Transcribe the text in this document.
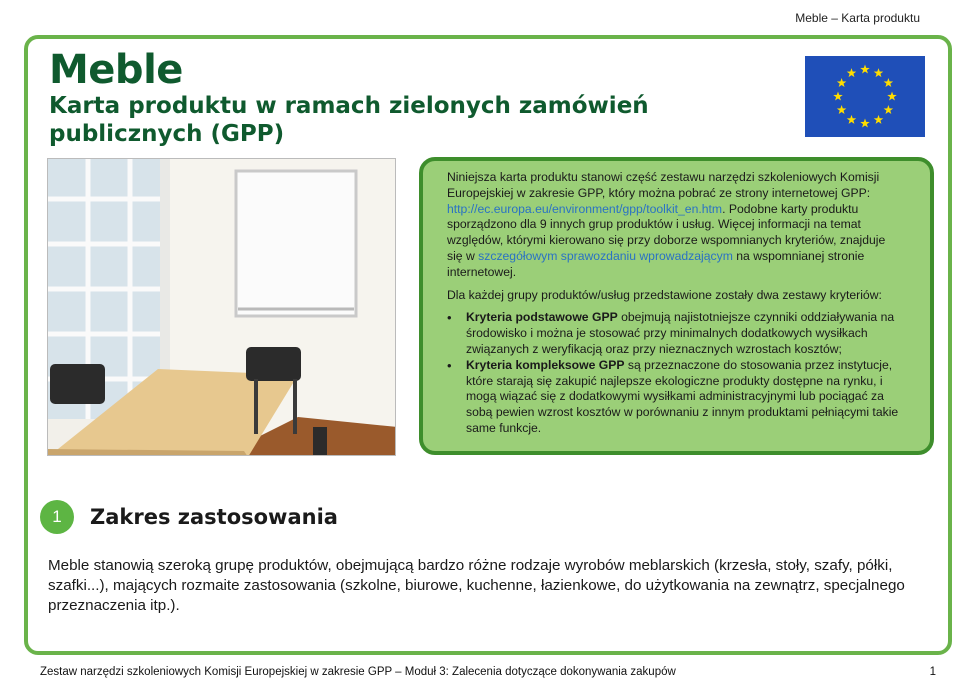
Meble – Karta produktu
Meble
Karta produktu w ramach zielonych zamówień publicznych (GPP)

Niniejsza karta produktu stanowi część zestawu narzędzi szkoleniowych Komisji Europejskiej w zakresie GPP, który można pobrać ze strony internetowej GPP: http://ec.europa.eu/environment/gpp/toolkit_en.htm. Podobne karty produktu sporządzono dla 9 innych grup produktów i usług. Więcej informacji na temat względów, którymi kierowano się przy doborze wspomnianych kryteriów, znajduje się w szczegółowym sprawozdaniu wprowadzającym na wspomnianej stronie internetowej.

Dla każdej grupy produktów/usług przedstawione zostały dwa zestawy kryteriów:

• Kryteria podstawowe GPP obejmują najistotniejsze czynniki oddziaływania na środowisko i można je stosować przy minimalnych dodatkowych wysiłkach związanych z weryfikacją oraz przy nieznacznych wzrostach kosztów;
• Kryteria kompleksowe GPP są przeznaczone do stosowania przez instytucje, które starają się zakupić najlepsze ekologiczne produkty dostępne na rynku, i mogą wiązać się z dodatkowymi wysiłkami administracyjnymi lub pociągać za sobą pewien wzrost kosztów w porównaniu z innym produktami pełniącymi takie same funkcje.
1	Zakres zastosowania

Meble stanowią szeroką grupę produktów, obejmującą bardzo różne rodzaje wyrobów meblarskich (krzesła, stoły, szafy, półki, szafki...), mających rozmaite zastosowania (szkolne, biurowe, kuchenne, łazienkowe, do użytkowania na zewnątrz, specjalnego przeznaczenia itp.).

Zestaw narzędzi szkoleniowych Komisji Europejskiej w zakresie GPP – Moduł 3: Zalecenia dotyczące dokonywania zakupów	1
